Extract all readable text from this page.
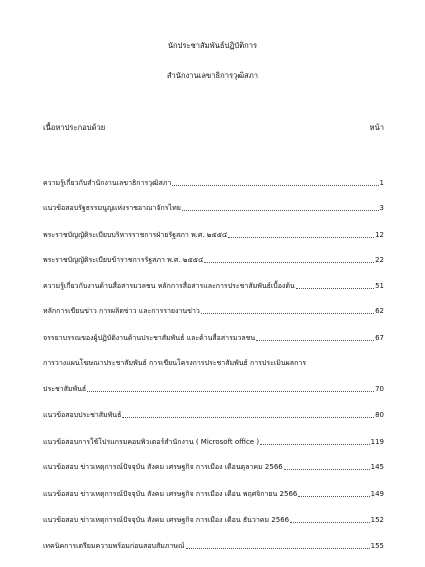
นักประชาสัมพันธ์ปฏิบัติการ
สำนักงานเลขาธิการวุฒิสภา
เนื้อหาประกอบด้วย	หน้า
ความรู้เกี่ยวกับสำนักงานเลขาธิการวุฒิสภา	1
แนวข้อสอบรัฐธรรมนูญแห่งราชอาณาจักรไทย	3
พระราชบัญญัติระเบียบบริหารราชการฝ่ายรัฐสภา พ.ศ. ๒๕๕๔	12
พระราชบัญญัติระเบียบข้าราชการรัฐสภา พ.ศ. ๒๕๕๔	22
ความรู้เกี่ยวกับงานด้านสื่อสารมวลชน หลักการสื่อสารและการประชาสัมพันธ์เบื้องต้น	51
หลักการเขียนข่าว การผลิตข่าว และการรายงานข่าว	62
จรรยาบรรณของผู้ปฏิบัติงานด้านประชาสัมพันธ์ และด้านสื่อสารมวลชน	67
การวางแผนโฆษณาประชาสัมพันธ์ การเขียนโครงการประชาสัมพันธ์ การประเมินผลการ
ประชาสัมพันธ์	70
แนวข้อสอบประชาสัมพันธ์	80
แนวข้อสอบการใช้โปรแกรมคอมพิวเตอร์สำนักงาน ( Microsoft office )	119
แนวข้อสอบ ข่าวเหตุการณ์ปัจจุบัน สังคม เศรษฐกิจ การเมือง เดือนตุลาคม 2566	145
แนวข้อสอบ ข่าวเหตุการณ์ปัจจุบัน สังคม เศรษฐกิจ การเมือง เดือน พฤศจิกายน 2566	149
แนวข้อสอบ ข่าวเหตุการณ์ปัจจุบัน สังคม เศรษฐกิจ การเมือง เดือน ธันวาคม 2566	152
เทคนิคการเตรียมความพร้อมก่อนสอบสัมภาษณ์	155
